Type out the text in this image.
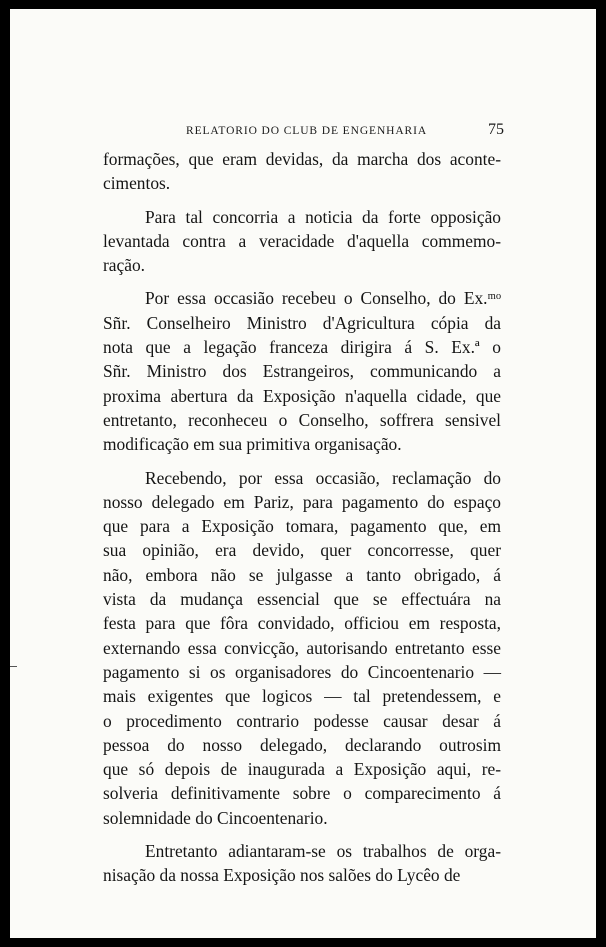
RELATORIO DO CLUB DE ENGENHARIA	75
formações, que eram devidas, da marcha dos aconte-
cimentos.
Para tal concorria a noticia da forte opposição
levantada contra a veracidade d'aquella commemo-
ração.
Por essa occasião recebeu o Conselho, do Ex.ᵐᵒ
Sñr. Conselheiro Ministro d'Agricultura cópia da
nota que a legação franceza dirigira á S. Ex.ª o
Sñr. Ministro dos Estrangeiros, communicando a
proxima abertura da Exposição n'aquella cidade, que
entretanto, reconheceu o Conselho, soffrera sensivel
modificação em sua primitiva organisação.
Recebendo, por essa occasião, reclamação do
nosso delegado em Pariz, para pagamento do espaço
que para a Exposição tomara, pagamento que, em
sua opinião, era devido, quer concorresse, quer
não, embora não se julgasse a tanto obrigado, á
vista da mudança essencial que se effectuára na
festa para que fôra convidado, officiou em resposta,
externando essa convicção, autorisando entretanto esse
pagamento si os organisadores do Cincoentenario —
mais exigentes que logicos — tal pretendessem, e
o procedimento contrario podesse causar desar á
pessoa do nosso delegado, declarando outrosim
que só depois de inaugurada a Exposição aqui, re-
solveria definitivamente sobre o comparecimento á
solemnidade do Cincoentenario.
Entretanto adiantaram-se os trabalhos de orga-
nisação da nossa Exposição nos salões do Lycêo de
